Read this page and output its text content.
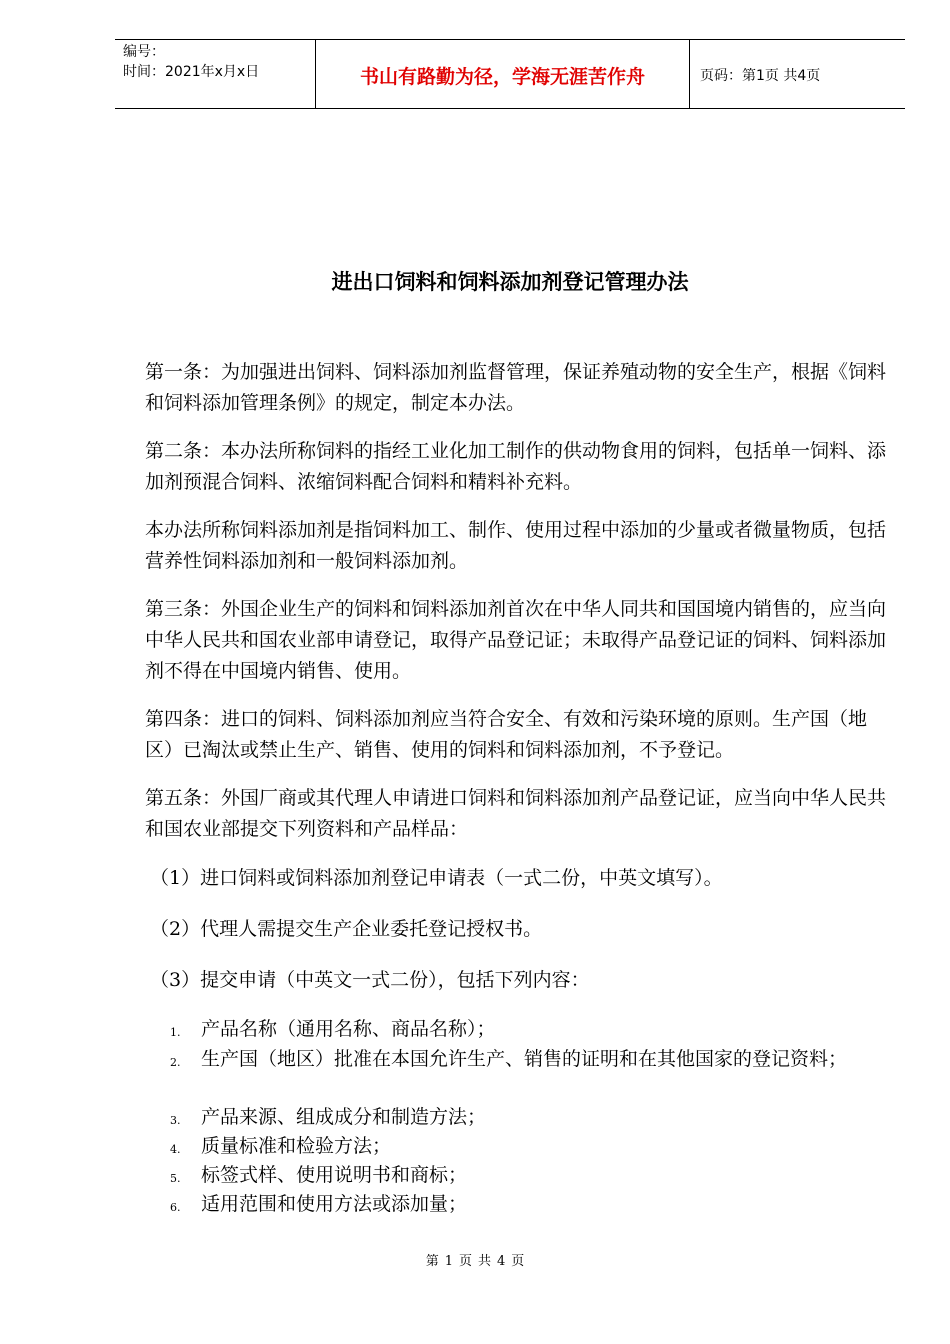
编号：
时间：2021年x月x日	书山有路勤为径，学海无涯苦作舟	页码：第1页 共4页
进出口饲料和饲料添加剂登记管理办法
第一条：为加强进出饲料、饲料添加剂监督管理，保证养殖动物的安全生产，根据《饲料和饲料添加管理条例》的规定，制定本办法。
第二条：本办法所称饲料的指经工业化加工制作的供动物食用的饲料，包括单一饲料、添加剂预混合饲料、浓缩饲料配合饲料和精料补充料。
本办法所称饲料添加剂是指饲料加工、制作、使用过程中添加的少量或者微量物质，包括营养性饲料添加剂和一般饲料添加剂。
第三条：外国企业生产的饲料和饲料添加剂首次在中华人同共和国国境内销售的，应当向中华人民共和国农业部申请登记，取得产品登记证；未取得产品登记证的饲料、饲料添加剂不得在中国境内销售、使用。
第四条：进口的饲料、饲料添加剂应当符合安全、有效和污染环境的原则。生产国（地区）已淘汰或禁止生产、销售、使用的饲料和饲料添加剂，不予登记。
第五条：外国厂商或其代理人申请进口饲料和饲料添加剂产品登记证，应当向中华人民共和国农业部提交下列资料和产品样品：
（1）进口饲料或饲料添加剂登记申请表（一式二份，中英文填写）。
（2）代理人需提交生产企业委托登记授权书。
（3）提交申请（中英文一式二份），包括下列内容：
1. 产品名称（通用名称、商品名称）；
2. 生产国（地区）批准在本国允许生产、销售的证明和在其他国家的登记资料；
3. 产品来源、组成成分和制造方法；
4. 质量标准和检验方法；
5. 标签式样、使用说明书和商标；
6. 适用范围和使用方法或添加量；
第 1 页 共 4 页
